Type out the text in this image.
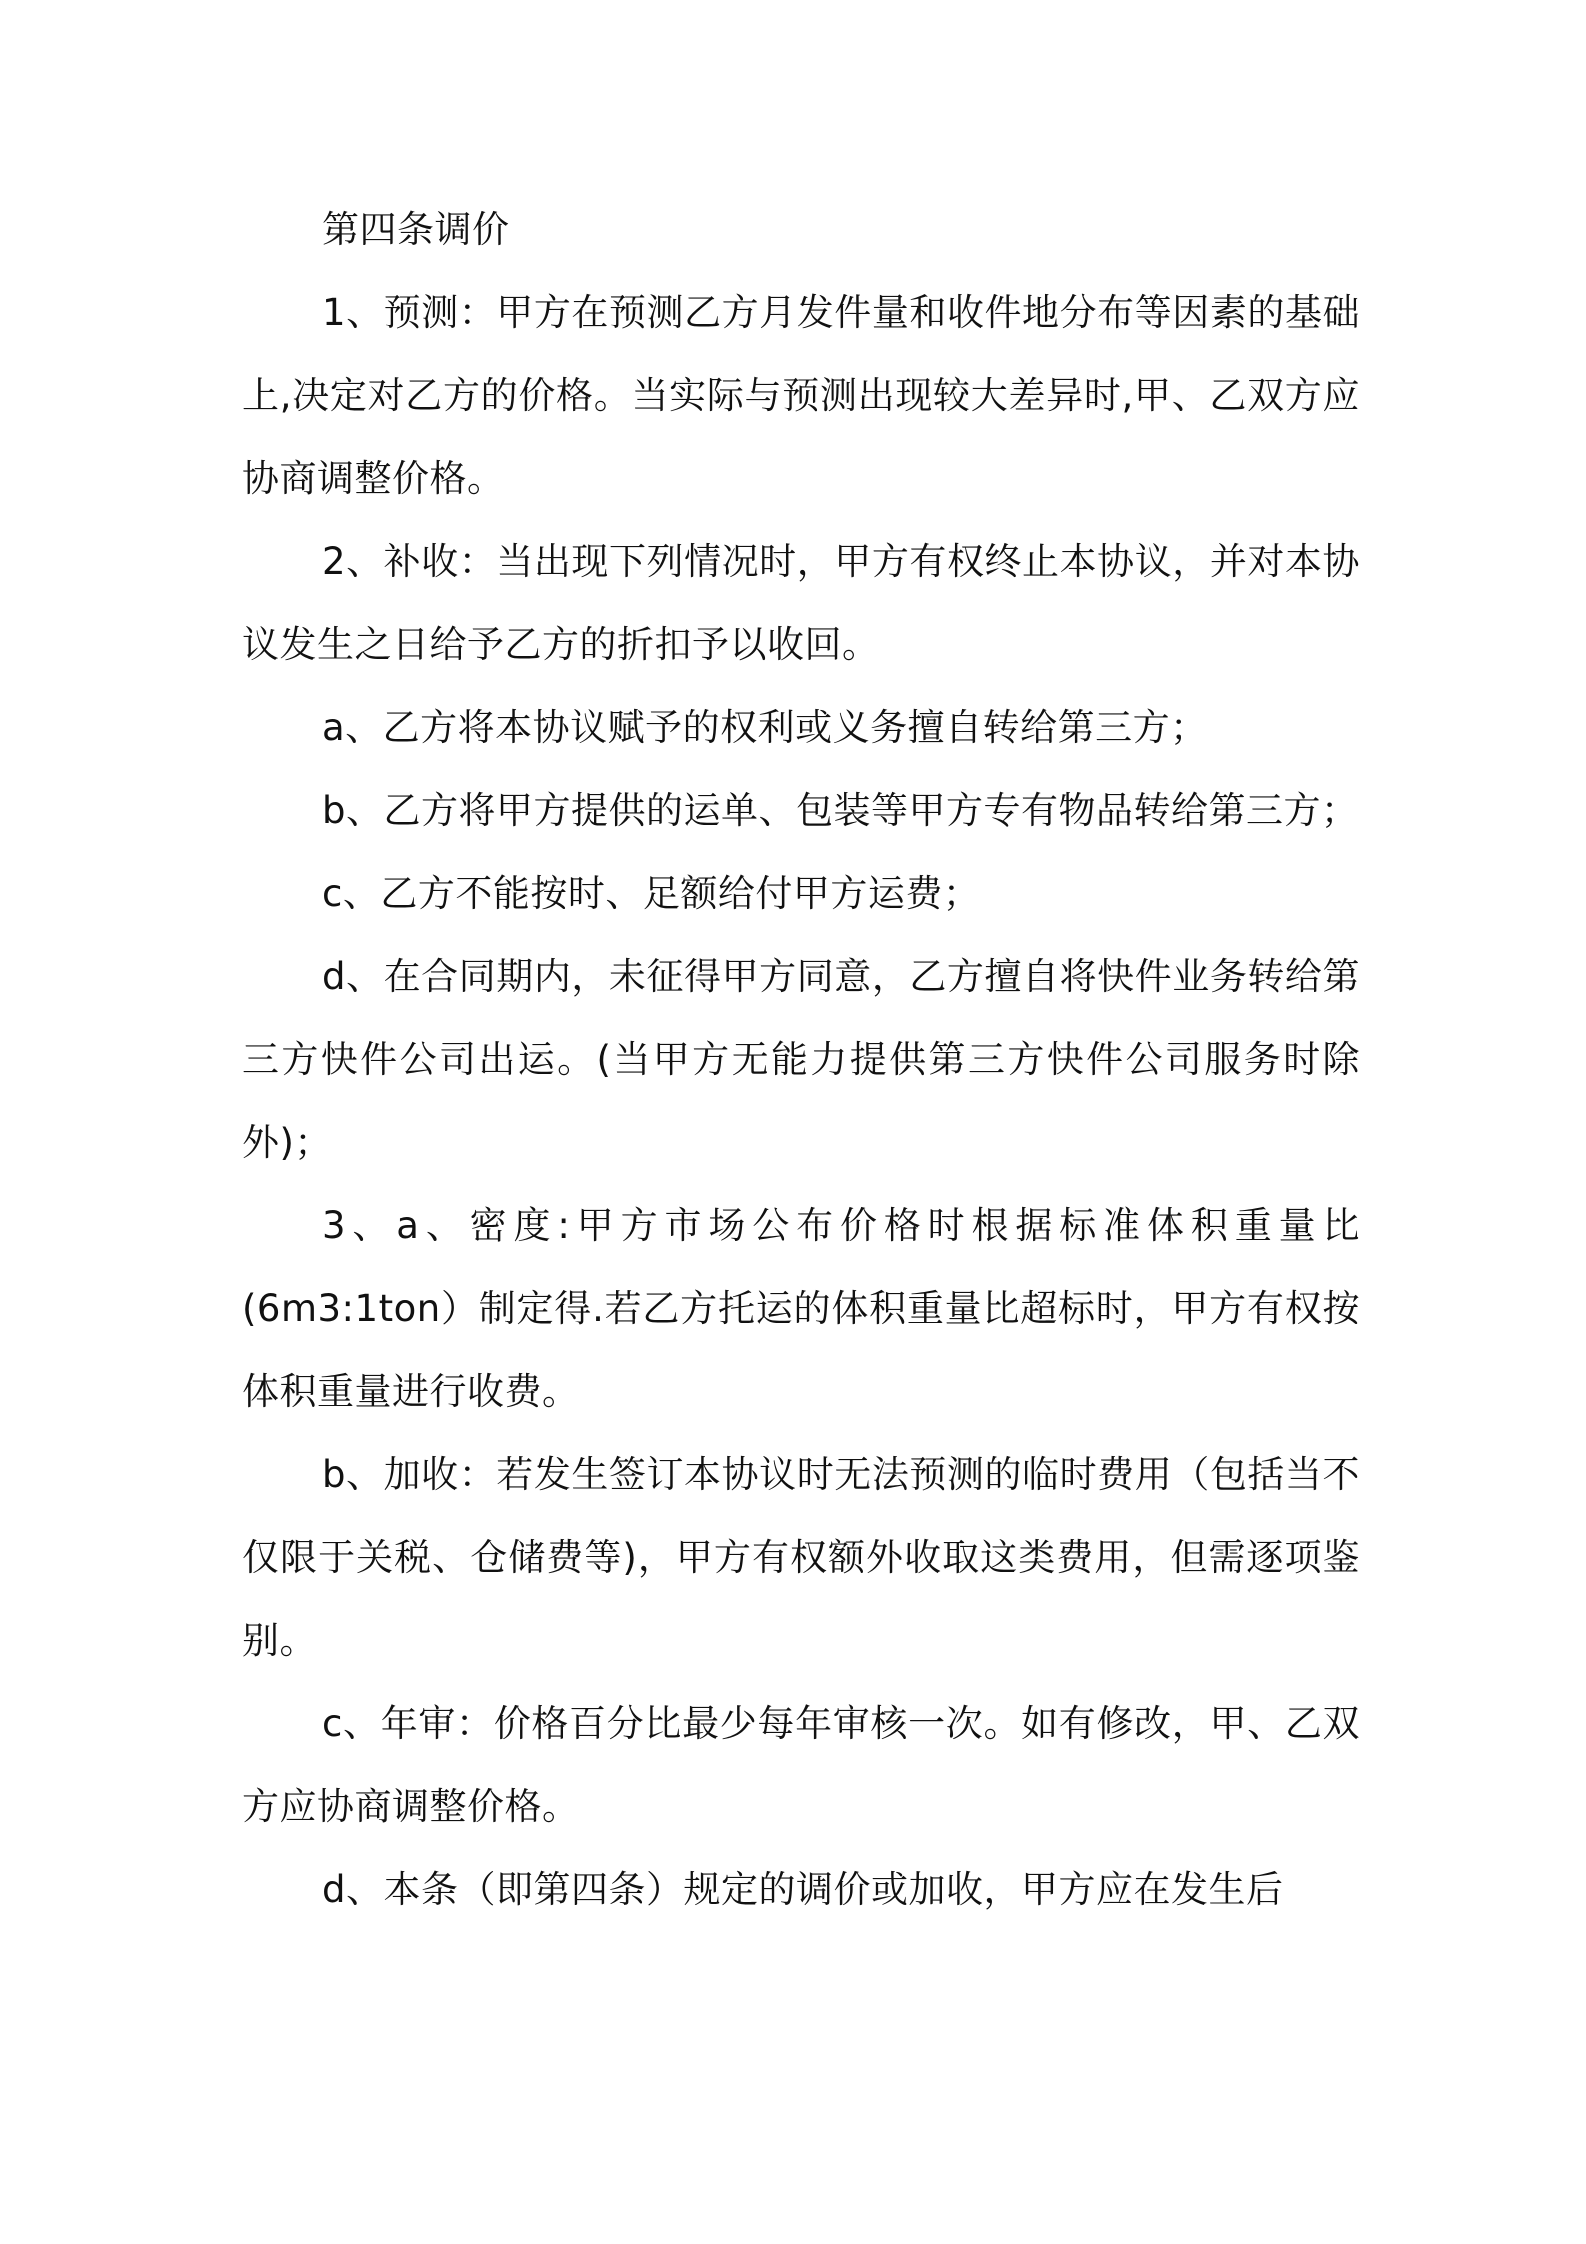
第四条调价

1、预测：甲方在预测乙方月发件量和收件地分布等因素的基础上,决定对乙方的价格。当实际与预测出现较大差异时,甲、乙双方应协商调整价格。

2、补收：当出现下列情况时，甲方有权终止本协议，并对本协议发生之日给予乙方的折扣予以收回。

a、乙方将本协议赋予的权利或义务擅自转给第三方；

b、乙方将甲方提供的运单、包装等甲方专有物品转给第三方；

c、乙方不能按时、足额给付甲方运费；

d、在合同期内，未征得甲方同意，乙方擅自将快件业务转给第三方快件公司出运。(当甲方无能力提供第三方快件公司服务时除外)；

3、a、密度:甲方市场公布价格时根据标准体积重量比(6m3:1ton）制定得.若乙方托运的体积重量比超标时，甲方有权按体积重量进行收费。

b、加收：若发生签订本协议时无法预测的临时费用（包括当不仅限于关税、仓储费等)，甲方有权额外收取这类费用，但需逐项鉴别。

c、年审：价格百分比最少每年审核一次。如有修改，甲、乙双方应协商调整价格。

d、本条（即第四条）规定的调价或加收，甲方应在发生后
